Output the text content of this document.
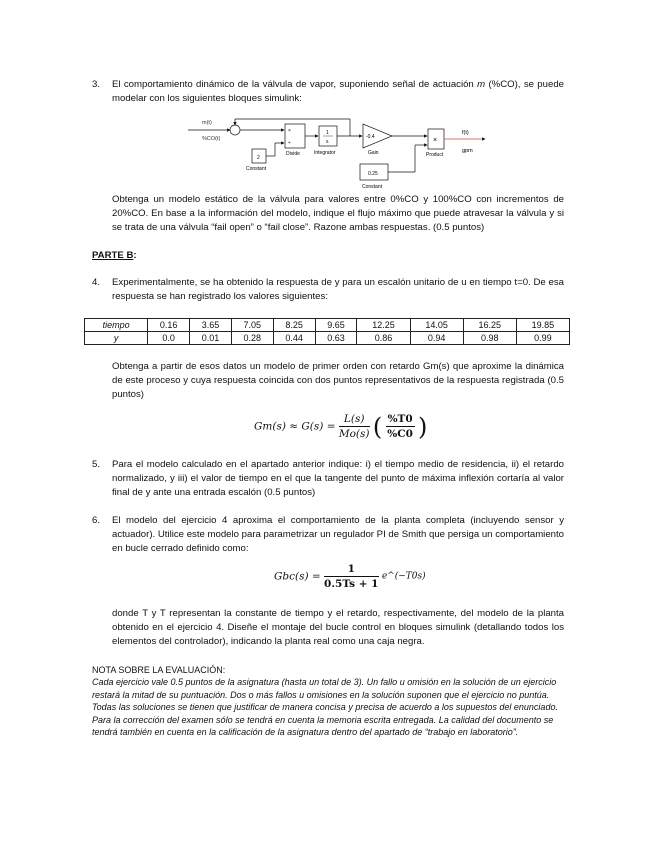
3. El comportamiento dinámico de la válvula de vapor, suponiendo señal de actuación m (%CO), se puede modelar con los siguientes bloques simulink:
m(t)
%CO(t)
×
÷
Divide
1
s
Integrator
-0.4
Gain
×
Product
f(t)
gpm
2
Constant
0.25
Constant
Obtenga un modelo estático de la válvula para valores entre 0%CO y 100%CO con incrementos de 20%CO. En base a la información del modelo, indique el flujo máximo que puede atravesar la válvula y si se trata de una válvula “fail open” o “fail close”. Razone ambas respuestas. (0.5 puntos)
PARTE B:
4. Experimentalmente, se ha obtenido la respuesta de y para un escalón unitario de u en tiempo t=0. De esa respuesta se han registrado los valores siguientes:
tiempo	0.16	3.65	7.05	8.25	9.65	12.25	14.05	16.25	19.85
y	0.0	0.01	0.28	0.44	0.63	0.86	0.94	0.98	0.99
Obtenga a partir de esos datos un modelo de primer orden con retardo Gm(s) que aproxime la dinámica de este proceso y cuya respuesta coincida con dos puntos representativos de la respuesta registrada (0.5 puntos)
$Gm(s) \approx G(s) = \frac{L(s)}{Mo(s)}$ ( $\frac{\%T0}{\%C0}$ )
5. Para el modelo calculado en el apartado anterior indique: i) el tiempo medio de residencia, ii) el retardo normalizado, y iii) el valor de tiempo en el que la tangente del punto de máxima inflexión cortaría al valor final de y ante una entrada escalón (0.5 puntos)
6. El modelo del ejercicio 4 aproxima el comportamiento de la planta completa (incluyendo sensor y actuador). Utilice este modelo para parametrizar un regulador PI de Smith que persiga un comportamiento en bucle cerrado definido como:
$Gbc(s) = \frac{1}{0.5Ts + 1}$ e^(−T0s)
donde T y T representan la constante de tiempo y el retardo, respectivamente, del modelo de la planta obtenido en el ejercicio 4. Diseñe el montaje del bucle control en bloques simulink (detallando todos los elementos del controlador), indicando la planta real como una caja negra.
NOTA SOBRE LA EVALUACIÓN:
Cada ejercicio vale 0.5 puntos de la asignatura (hasta un total de 3). Un fallo u omisión en la solución de un ejercicio restará la mitad de su puntuación. Dos o más fallos u omisiones en la solución suponen que el ejercicio no puntúa.
Todas las soluciones se tienen que justificar de manera concisa y precisa de acuerdo a los supuestos del enunciado. Para la corrección del examen sólo se tendrá en cuenta la memoria escrita entregada. La calidad del documento se tendrá también en cuenta en la calificación de la asignatura dentro del apartado de “trabajo en laboratorio”.
